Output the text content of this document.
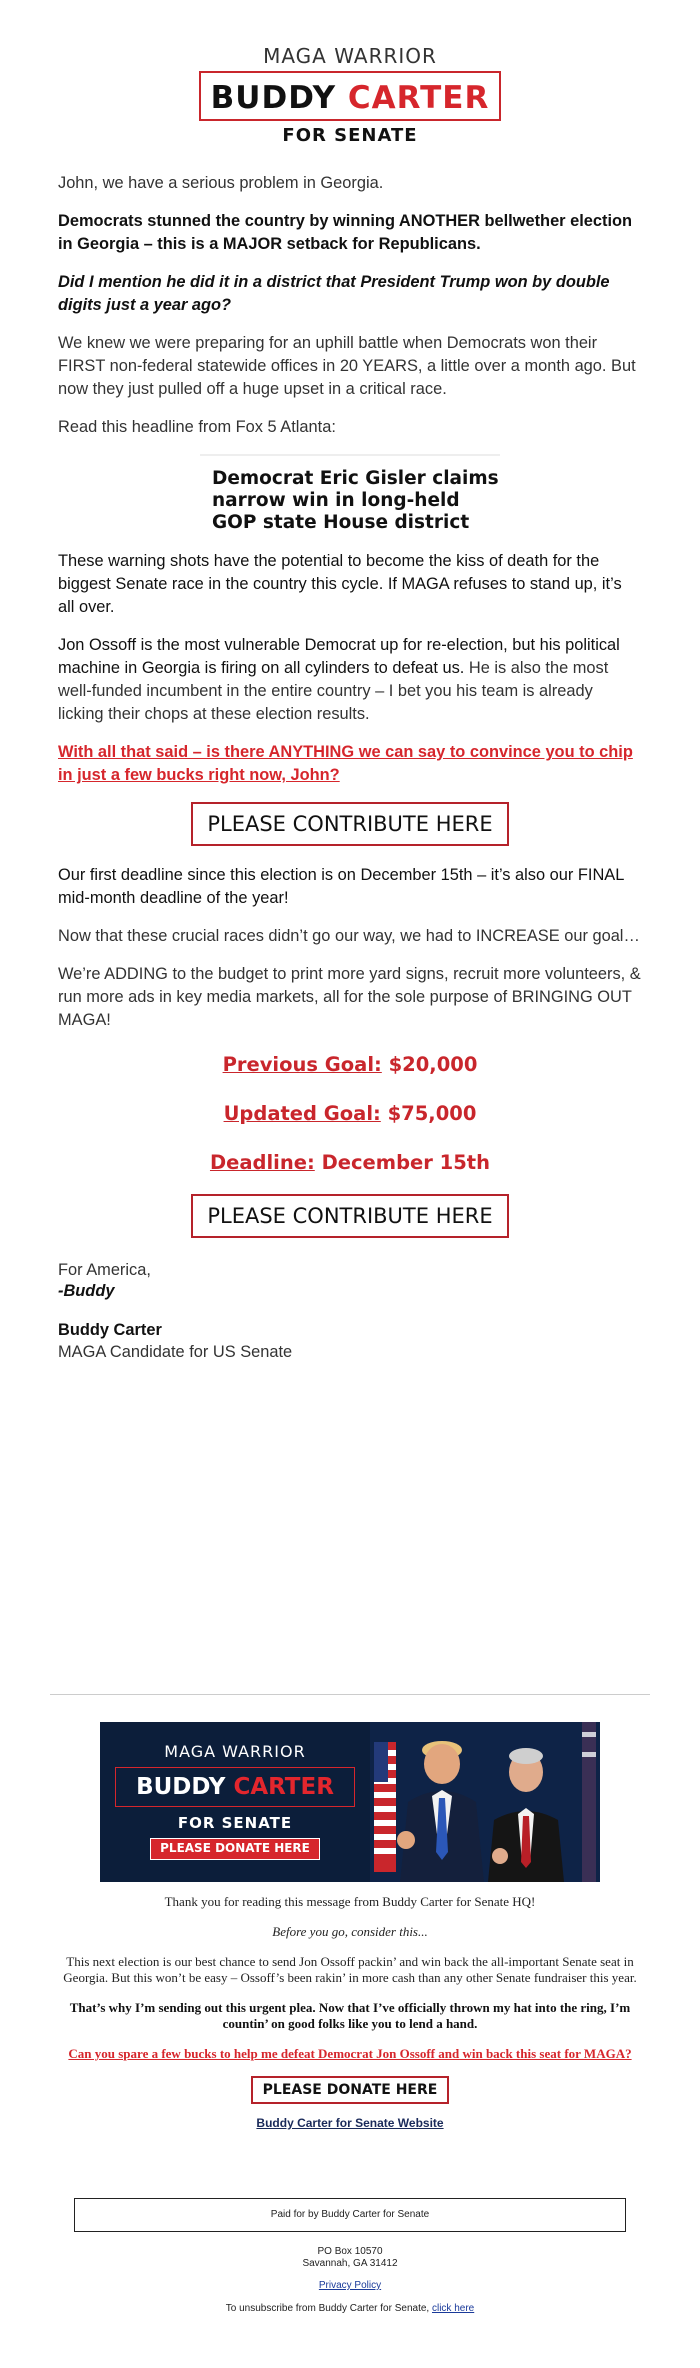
MAGA WARRIOR
BUDDY CARTER
FOR SENATE
John, we have a serious problem in Georgia.
Democrats stunned the country by winning ANOTHER bellwether election in Georgia – this is a MAJOR setback for Republicans.
Did I mention he did it in a district that President Trump won by double digits just a year ago?
We knew we were preparing for an uphill battle when Democrats won their FIRST non-federal statewide offices in 20 YEARS, a little over a month ago. But now they just pulled off a huge upset in a critical race.
Read this headline from Fox 5 Atlanta:
Democrat Eric Gisler claims narrow win in long-held GOP state House district
These warning shots have the potential to become the kiss of death for the biggest Senate race in the country this cycle. If MAGA refuses to stand up, it’s all over.
Jon Ossoff is the most vulnerable Democrat up for re-election, but his political machine in Georgia is firing on all cylinders to defeat us. He is also the most well-funded incumbent in the entire country – I bet you his team is already licking their chops at these election results.
With all that said – is there ANYTHING we can say to convince you to chip in just a few bucks right now, John?
PLEASE CONTRIBUTE HERE
Our first deadline since this election is on December 15th – it’s also our FINAL mid-month deadline of the year!
Now that these crucial races didn’t go our way, we had to INCREASE our goal…
We’re ADDING to the budget to print more yard signs, recruit more volunteers, & run more ads in key media markets, all for the sole purpose of BRINGING OUT MAGA!
Previous Goal: $20,000
Updated Goal: $75,000
Deadline: December 15th
PLEASE CONTRIBUTE HERE
For America,
-Buddy
Buddy Carter
MAGA Candidate for US Senate
MAGA WARRIOR
BUDDY CARTER
FOR SENATE
PLEASE DONATE HERE
Thank you for reading this message from Buddy Carter for Senate HQ!
Before you go, consider this...
This next election is our best chance to send Jon Ossoff packin’ and win back the all-important Senate seat in Georgia. But this won’t be easy – Ossoff’s been rakin’ in more cash than any other Senate fundraiser this year.
That’s why I’m sending out this urgent plea. Now that I’ve officially thrown my hat into the ring, I’m countin’ on good folks like you to lend a hand.
Can you spare a few bucks to help me defeat Democrat Jon Ossoff and win back this seat for MAGA?
PLEASE DONATE HERE
Buddy Carter for Senate Website
Paid for by Buddy Carter for Senate
PO Box 10570
Savannah, GA 31412
Privacy Policy
To unsubscribe from Buddy Carter for Senate, click here
